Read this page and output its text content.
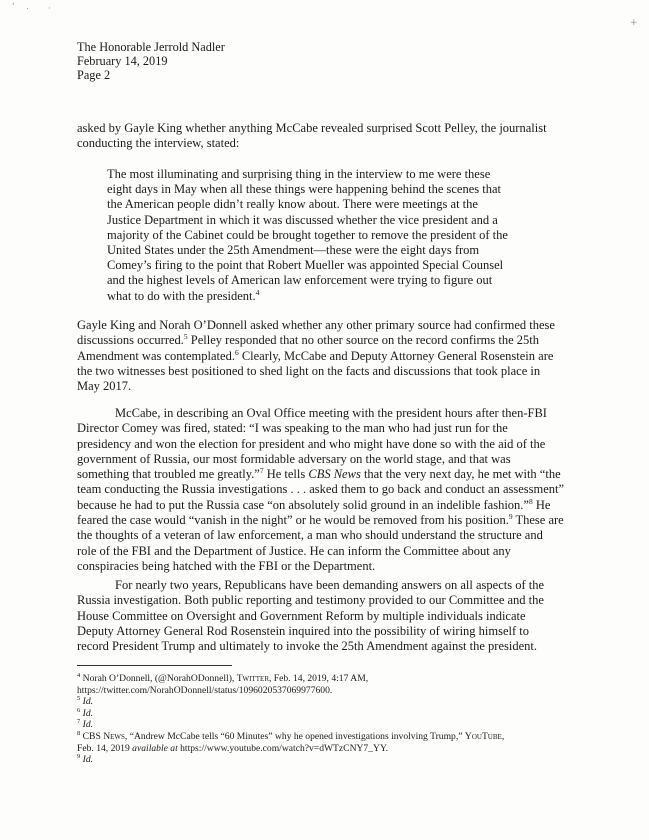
' . ·
+
The Honorable Jerrold Nadler
February 14, 2019
Page 2
asked by Gayle King whether anything McCabe revealed surprised Scott Pelley, the journalist
conducting the interview, stated:
The most illuminating and surprising thing in the interview to me were these
eight days in May when all these things were happening behind the scenes that
the American people didn’t really know about. There were meetings at the
Justice Department in which it was discussed whether the vice president and a
majority of the Cabinet could be brought together to remove the president of the
United States under the 25th Amendment—these were the eight days from
Comey’s firing to the point that Robert Mueller was appointed Special Counsel
and the highest levels of American law enforcement were trying to figure out
what to do with the president.$^4$
Gayle King and Norah O’Donnell asked whether any other primary source had confirmed these
discussions occurred.$^5$ Pelley responded that no other source on the record confirms the 25th
Amendment was contemplated.$^6$ Clearly, McCabe and Deputy Attorney General Rosenstein are
the two witnesses best positioned to shed light on the facts and discussions that took place in
May 2017.
McCabe, in describing an Oval Office meeting with the president hours after then-FBI
Director Comey was fired, stated: “I was speaking to the man who had just run for the
presidency and won the election for president and who might have done so with the aid of the
government of Russia, our most formidable adversary on the world stage, and that was
something that troubled me greatly.”$^7$ He tells CBS News that the very next day, he met with “the
team conducting the Russia investigations . . . asked them to go back and conduct an assessment”
because he had to put the Russia case “on absolutely solid ground in an indelible fashion.”$^8$ He
feared the case would “vanish in the night” or he would be removed from his position.$^9$ These are
the thoughts of a veteran of law enforcement, a man who should understand the structure and
role of the FBI and the Department of Justice. He can inform the Committee about any
conspiracies being hatched with the FBI or the Department.
For nearly two years, Republicans have been demanding answers on all aspects of the
Russia investigation. Both public reporting and testimony provided to our Committee and the
House Committee on Oversight and Government Reform by multiple individuals indicate
Deputy Attorney General Rod Rosenstein inquired into the possibility of wiring himself to
record President Trump and ultimately to invoke the 25th Amendment against the president.
$^4$ Norah O’Donnell, (@NorahODonnell), Twitter, Feb. 14, 2019, 4:17 AM,
https://twitter.com/NorahODonnell/status/1096020537069977600.
$^5$ Id.
$^6$ Id.
$^7$ Id.
$^8$ CBS News, “Andrew McCabe tells “60 Minutes” why he opened investigations involving Trump,” YouTube,
Feb. 14, 2019 available at https://www.youtube.com/watch?v=dWTzCNY7_YY.
$^9$ Id.
